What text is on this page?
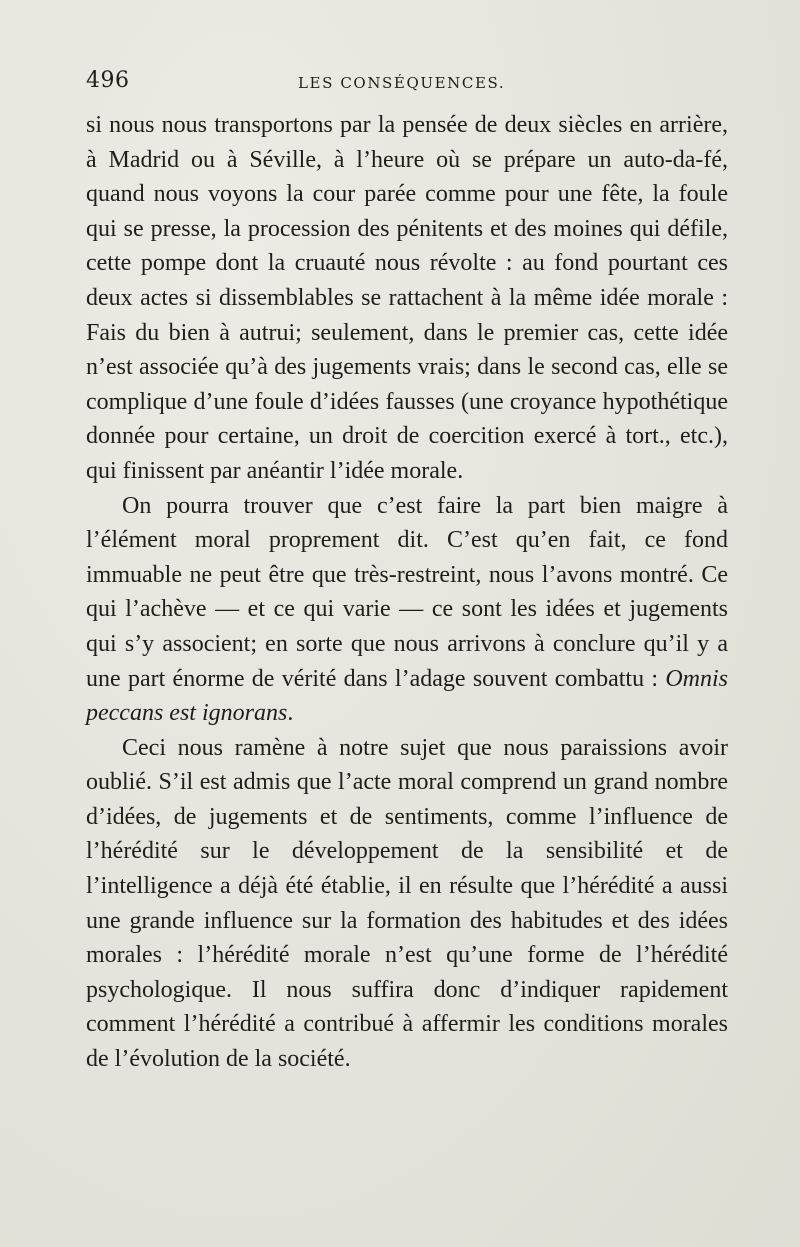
496	LES CONSÉQUENCES.

si nous nous transportons par la pensée de deux siècles en arrière, à Madrid ou à Séville, à l’heure où se prépare un auto-da-fé, quand nous voyons la cour parée comme pour une fête, la foule qui se presse, la procession des pénitents et des moines qui défile, cette pompe dont la cruauté nous révolte : au fond pourtant ces deux actes si dissemblables se rattachent à la même idée morale : Fais du bien à autrui; seulement, dans le premier cas, cette idée n’est associée qu’à des jugements vrais; dans le second cas, elle se complique d’une foule d’idées fausses (une croyance hypothétique donnée pour certaine, un droit de coercition exercé à tort., etc.), qui finissent par anéantir l’idée morale.

On pourra trouver que c’est faire la part bien maigre à l’élément moral proprement dit. C’est qu’en fait, ce fond immuable ne peut être que très-restreint, nous l’avons montré. Ce qui l’achève — et ce qui varie — ce sont les idées et jugements qui s’y associent; en sorte que nous arrivons à conclure qu’il y a une part énorme de vérité dans l’adage souvent combattu : Omnis peccans est ignorans.

Ceci nous ramène à notre sujet que nous paraissions avoir oublié. S’il est admis que l’acte moral comprend un grand nombre d’idées, de jugements et de sentiments, comme l’influence de l’hérédité sur le développement de la sensibilité et de l’intelligence a déjà été établie, il en résulte que l’hérédité a aussi une grande influence sur la formation des habitudes et des idées morales : l’hérédité morale n’est qu’une forme de l’hérédité psychologique. Il nous suffira donc d’indiquer rapidement comment l’hérédité a contribué à affermir les conditions morales de l’évolution de la société.
